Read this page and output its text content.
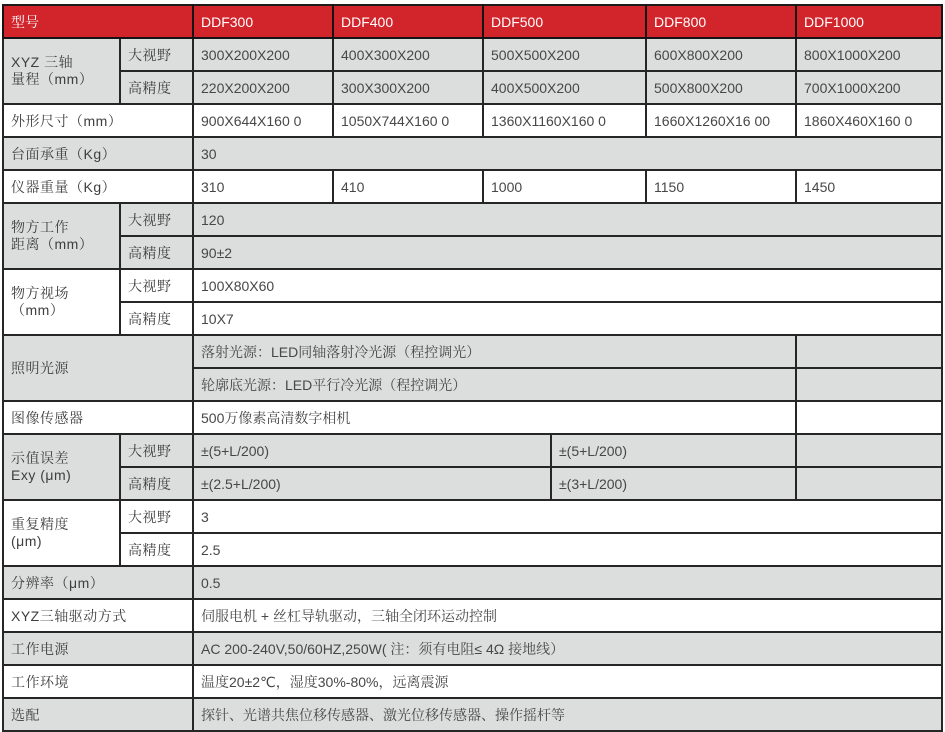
型号		DDF300	DDF400	DDF500		DDF800	DDF1000

XYZ 三轴
量程（mm）	大视野	300X200X200	400X300X200	500X500X200		600X800X200	800X1000X200
	高精度	220X200X200	300X300X200	400X500X200		500X800X200	700X1000X200
外形尺寸（mm）		900X644X160 0	1050X744X160 0	1360X1160X160 0		1660X1260X16 00	1860X460X160 0
台面承重（Kg）		30					
仪器重量（Kg）		310	410	1000		1150	1450

物方工作
距离（mm）	大视野	120					
	高精度	90±2					

物方视场
（mm）	大视野	100X80X60					
	高精度	10X7					
照明光源		落射光源：LED同轴落射冷光源（程控调光）					
		轮廓底光源：LED平行冷光源（程控调光）					
图像传感器		500万像素高清数字相机					

示值误差
Exy (μm)	大视野	±(5+L/200)			±(5+L/200)		
	高精度	±(2.5+L/200)			±(3+L/200)		

重复精度
(μm)	大视野	3					
	高精度	2.5					
分辨率（μm）		0.5					
XYZ三轴驱动方式		伺服电机 + 丝杠导轨驱动，三轴全闭环运动控制					
工作电源		AC 200-240V,50/60HZ,250W( 注：须有电阻≤ 4Ω 接地线）					
工作环境		温度20±2℃，湿度30%-80%，远离震源					
选配		探针、光谱共焦位移传感器、激光位移传感器、操作摇杆等					
